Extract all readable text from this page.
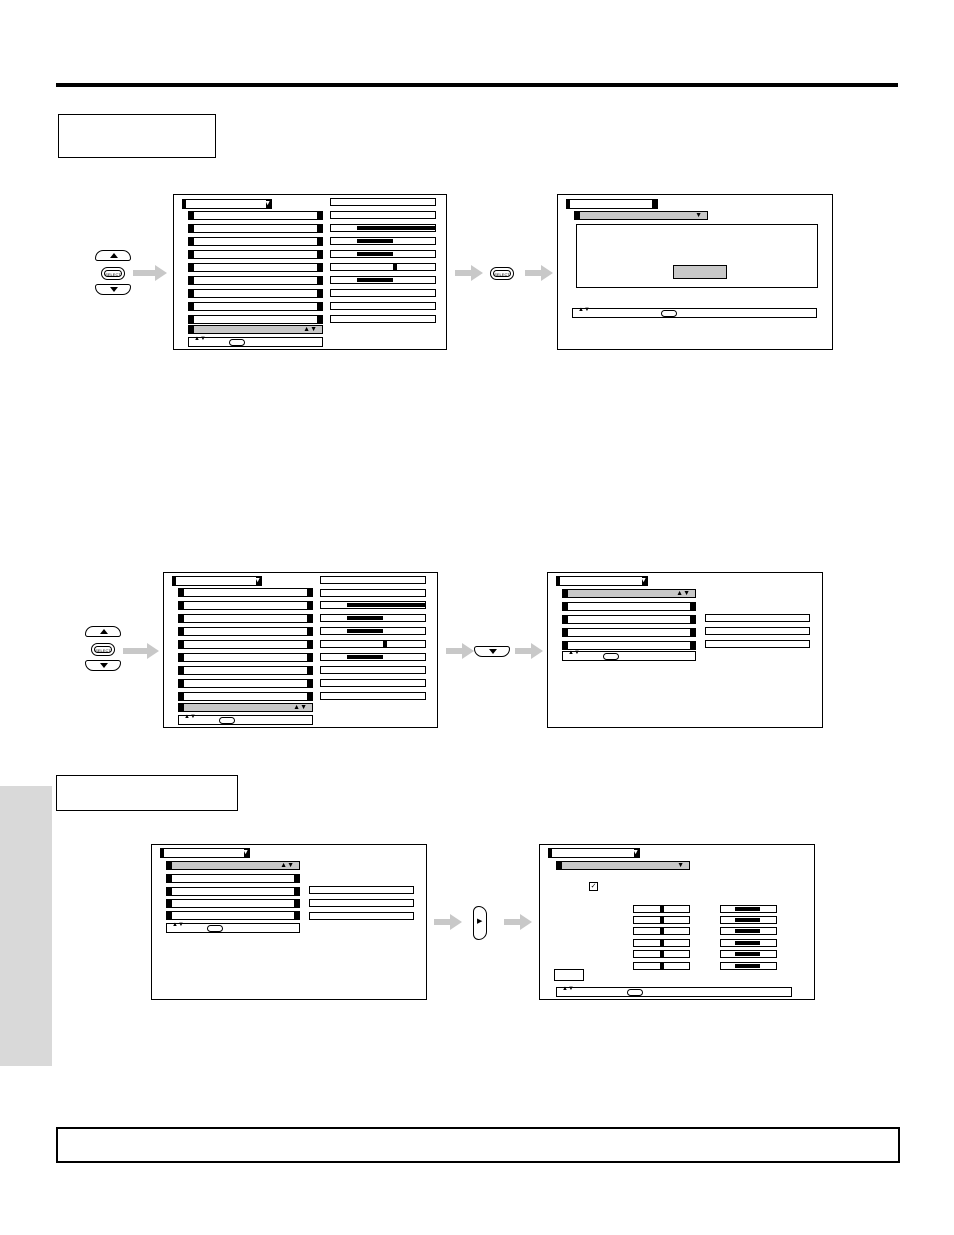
SELECT
▼
▲▼
▲▼
SELECT
▼
▲▼
SELECT
▼
▲▼
▲▼
▼
▲▼
▲▼
▼
▲▼
▲▼	▶
▼
▼
✓
▲▼
